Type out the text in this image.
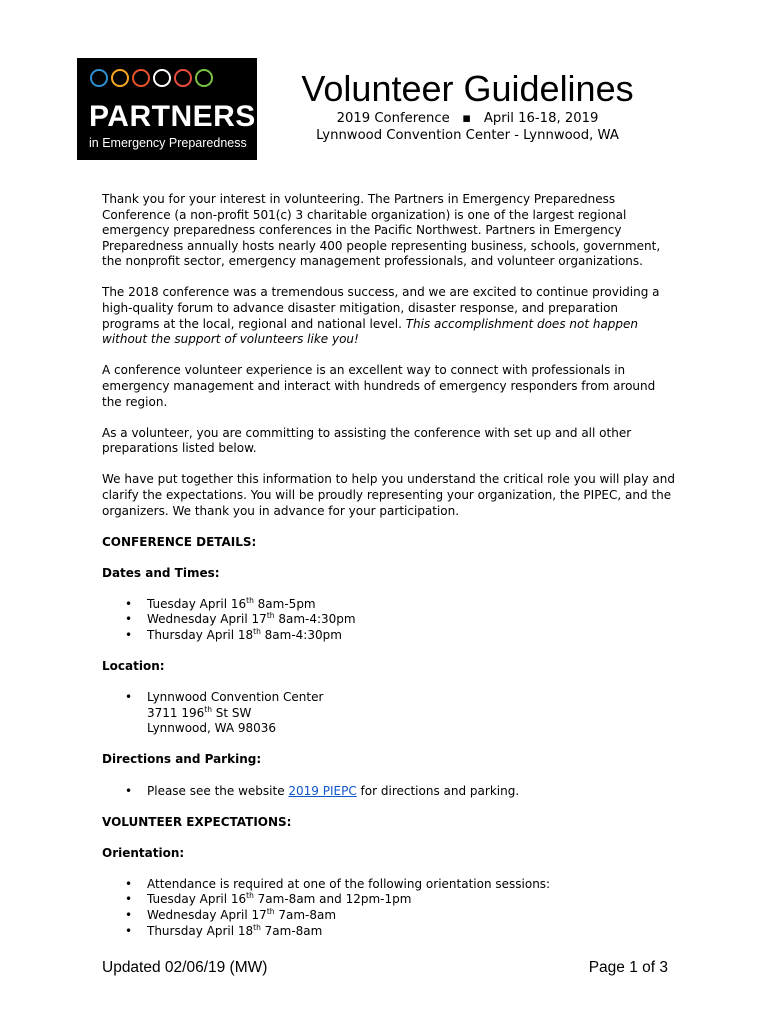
PARTNERS
in Emergency Preparedness
Volunteer Guidelines
2019 Conference ▪ April 16-18, 2019
Lynnwood Convention Center - Lynnwood, WA

Thank you for your interest in volunteering. The Partners in Emergency Preparedness Conference (a non-profit 501(c) 3 charitable organization) is one of the largest regional emergency preparedness conferences in the Pacific Northwest. Partners in Emergency Preparedness annually hosts nearly 400 people representing business, schools, government, the nonprofit sector, emergency management professionals, and volunteer organizations.

The 2018 conference was a tremendous success, and we are excited to continue providing a high-quality forum to advance disaster mitigation, disaster response, and preparation programs at the local, regional and national level. This accomplishment does not happen without the support of volunteers like you!

A conference volunteer experience is an excellent way to connect with professionals in emergency management and interact with hundreds of emergency responders from around the region.

As a volunteer, you are committing to assisting the conference with set up and all other preparations listed below.

We have put together this information to help you understand the critical role you will play and clarify the expectations. You will be proudly representing your organization, the PIPEC, and the organizers. We thank you in advance for your participation.

CONFERENCE DETAILS:

Dates and Times:

• Tuesday April 16th 8am-5pm
• Wednesday April 17th 8am-4:30pm
• Thursday April 18th 8am-4:30pm

Location:

• Lynnwood Convention Center
3711 196th St SW
Lynnwood, WA 98036

Directions and Parking:

• Please see the website 2019 PIEPC for directions and parking.

VOLUNTEER EXPECTATIONS:

Orientation:

• Attendance is required at one of the following orientation sessions:
• Tuesday April 16th 7am-8am and 12pm-1pm
• Wednesday April 17th 7am-8am
• Thursday April 18th 7am-8am
Updated 02/06/19 (MW)	Page 1 of 3
